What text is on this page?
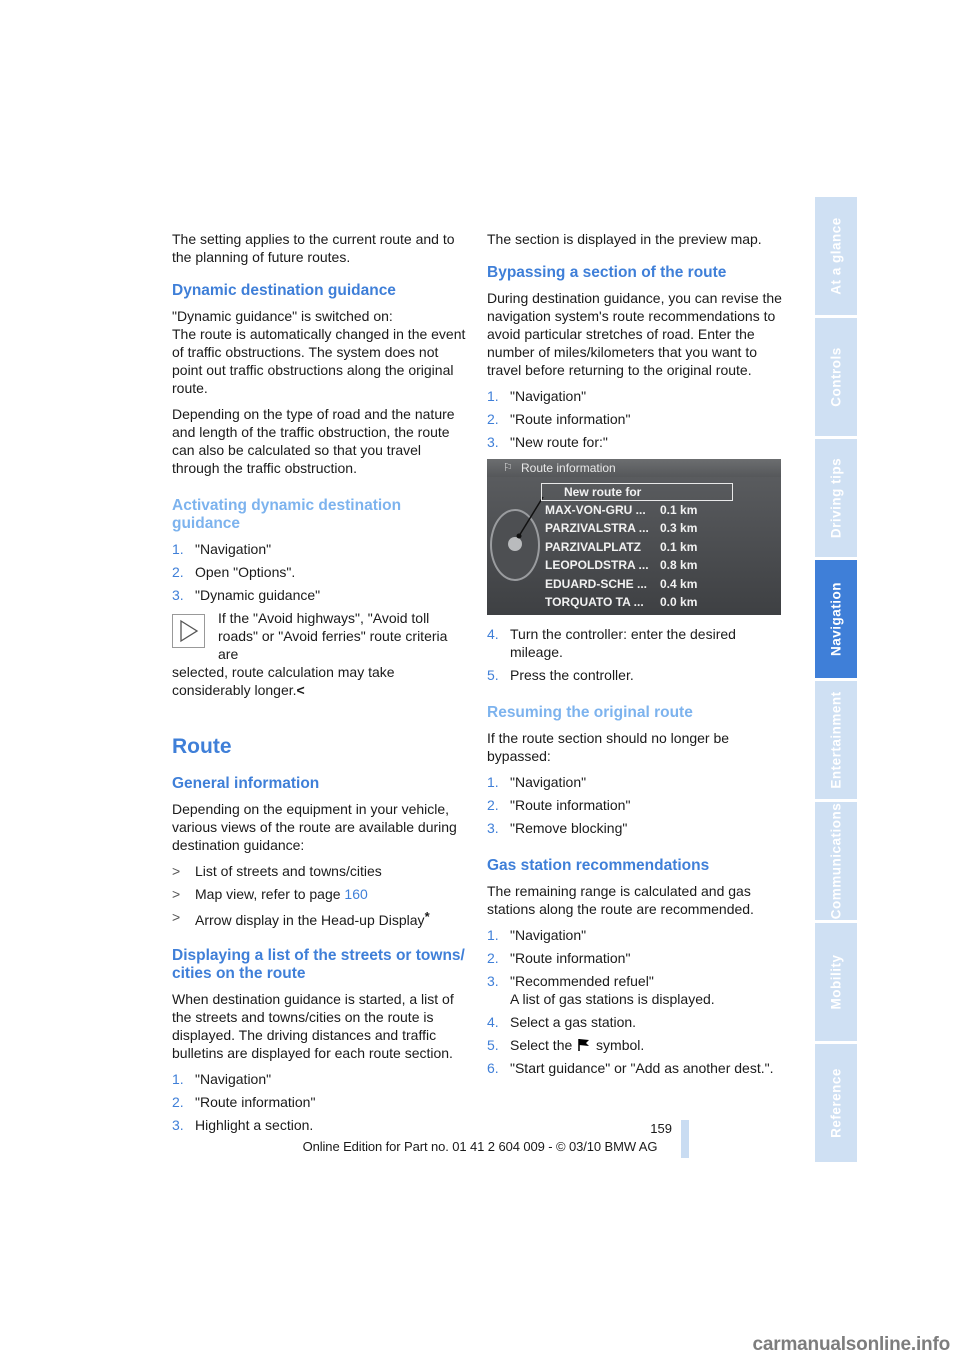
The setting applies to the current route and to the planning of future routes.

Dynamic destination guidance

"Dynamic guidance" is switched on:
The route is automatically changed in the event of traffic obstructions. The system does not point out traffic obstructions along the original route.

Depending on the type of road and the nature and length of the traffic obstruction, the route can also be calculated so that you travel through the traffic obstruction.

Activating dynamic destination guidance
1. "Navigation"
2. Open "Options".
3. "Dynamic guidance"
If the "Avoid highways", "Avoid toll roads" or "Avoid ferries" route criteria are
selected, route calculation may take considerably longer.<
Route
General information

Depending on the equipment in your vehicle, various views of the route are available during destination guidance:

>	List of streets and towns/cities
>	Map view, refer to page 160
>	Arrow display in the Head-up Display*
Displaying a list of the streets or towns/ cities on the route

When destination guidance is started, a list of the streets and towns/cities on the route is displayed. The driving distances and traffic bulletins are displayed for each route section.

1. "Navigation"
2. "Route information"
3. Highlight a section.

The section is displayed in the preview map.

Bypassing a section of the route

During destination guidance, you can revise the navigation system's route recommendations to avoid particular stretches of road. Enter the number of miles/kilometers that you want to travel before returning to the original route.

1. "Navigation"
2. "Route information"
3. "New route for:"
⚐ Route information
New route for
MAX-VON-GRU ...	0.1 km
PARZIVALSTRA ... 0.3 km
PARZIVALPLATZ	0.1 km
LEOPOLDSTRA ... 0.8 km
EDUARD-SCHE ...	0.4 km
TORQUATO TA ...	0.0 km
4. Turn the controller: enter the desired mileage.
5. Press the controller.
Resuming the original route

If the route section should no longer be bypassed:

1. "Navigation"
2. "Route information"
3. "Remove blocking"
Gas station recommendations

The remaining range is calculated and gas stations along the route are recommended.

1. "Navigation"
2. "Route information"
3. "Recommended refuel"
A list of gas stations is displayed.
4. Select a gas station.
5. Select the symbol.
6. "Start guidance" or "Add as another dest.".
At a glance
Controls
Driving tips
Navigation
Entertainment
Communications
Mobility
Reference
159
Online Edition for Part no. 01 41 2 604 009 - © 03/10 BMW AG
carmanualsonline.info
